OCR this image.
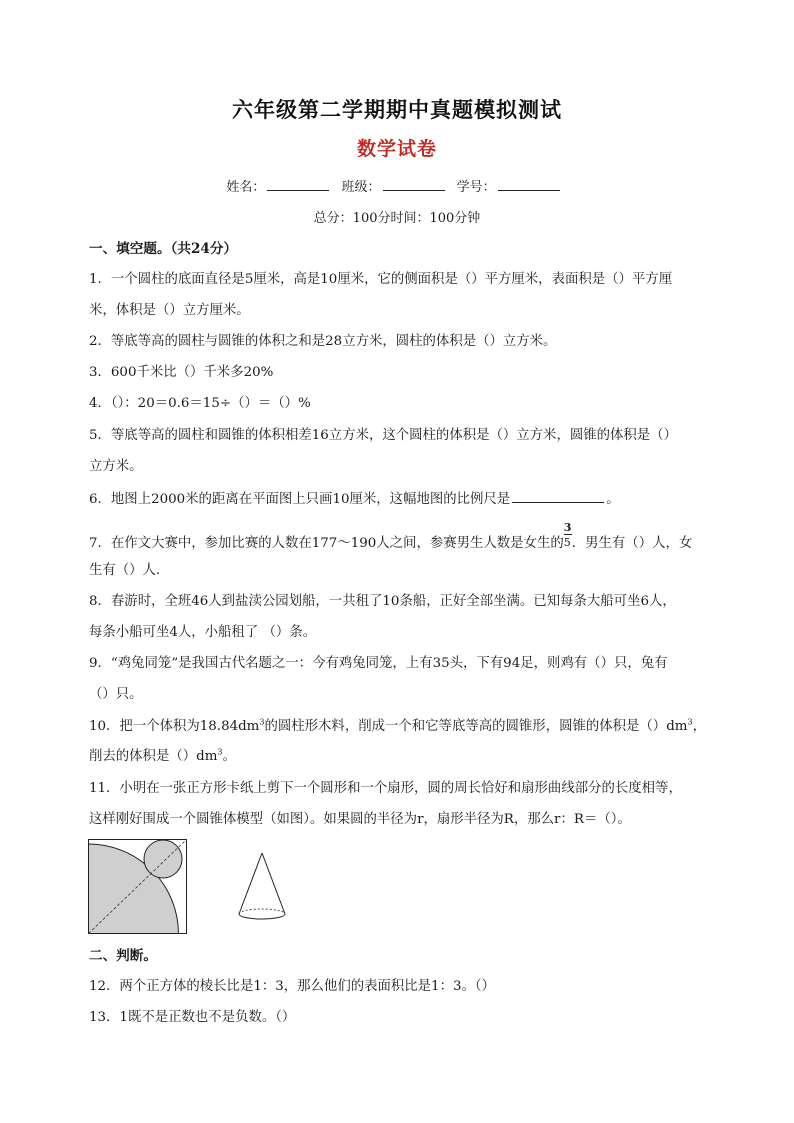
六年级第二学期期中真题模拟测试
数学试卷
姓名：	班级：	学号：
总分：100分时间：100分钟
一、填空题。（共24分）
1．一个圆柱的底面直径是5厘米，高是10厘米，它的侧面积是（）平方厘米，表面积是（）平方厘
米，体积是（）立方厘米。
2．等底等高的圆柱与圆锥的体积之和是28立方米，圆柱的体积是（）立方米。
3．600千米比（）千米多20%
4．（）：20＝0.6＝15÷（）＝（）%
5．等底等高的圆柱和圆锥的体积相差16立方米，这个圆柱的体积是（）立方米，圆锥的体积是（）
立方米。
6．地图上2000米的距离在平面图上只画10厘米，这幅地图的比例尺是	。
7．在作文大赛中，参加比赛的人数在177～190人之间，参赛男生人数是女生的 $\frac{3}{5}$ ．男生有（）人，女
生有（）人．
8．春游时，全班46人到盐渎公园划船，一共租了10条船，正好全部坐满。已知每条大船可坐6人，
每条小船可坐4人，小船租了 （）条。
9．“鸡兔同笼”是我国古代名题之一：今有鸡兔同笼，上有35头，下有94足，则鸡有（）只，兔有
（）只。
10．把一个体积为$18.84dm^3$的圆柱形木料，削成一个和它等底等高的圆锥形，圆锥的体积是$()dm^3$，
削去的体积是$()dm^3$。
11．小明在一张正方形卡纸上剪下一个圆形和一个扇形，圆的周长恰好和扇形曲线部分的长度相等，
这样刚好围成一个圆锥体模型（如图）。如果圆的半径为r，扇形半径为R，那么r：R＝（）。
二、判断。
12．两个正方体的棱长比是1：3，那么他们的表面积比是1：3。（）
13．1既不是正数也不是负数。（）
